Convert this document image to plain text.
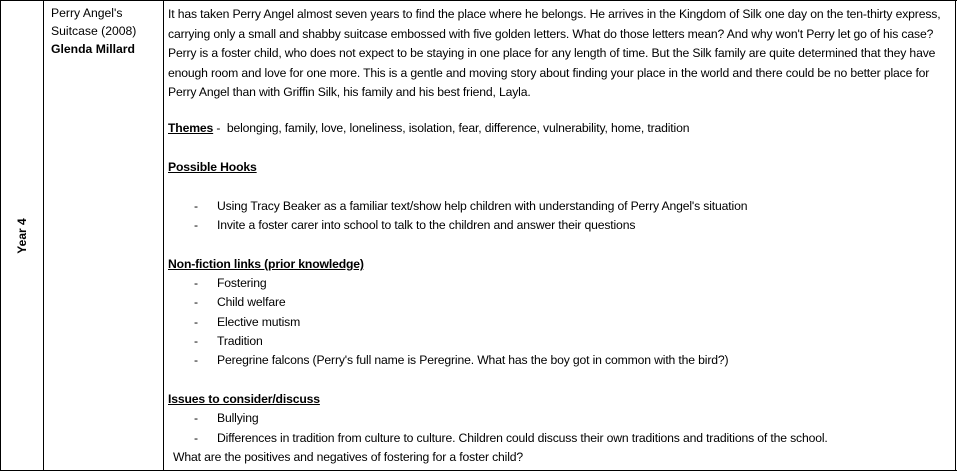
Year 4
Perry Angel's Suitcase (2008)
Glenda Millard

It has taken Perry Angel almost seven years to find the place where he belongs. He arrives in the Kingdom of Silk one day on the ten-thirty express, carrying only a small and shabby suitcase embossed with five golden letters. What do those letters mean? And why won't Perry let go of his case? Perry is a foster child, who does not expect to be staying in one place for any length of time. But the Silk family are quite determined that they have enough room and love for one more. This is a gentle and moving story about finding your place in the world and there could be no better place for Perry Angel than with Griffin Silk, his family and his best friend, Layla.

Themes - belonging, family, love, loneliness, isolation, fear, difference, vulnerability, home, tradition
Possible Hooks
- Using Tracy Beaker as a familiar text/show help children with understanding of Perry Angel's situation
- Invite a foster carer into school to talk to the children and answer their questions
Non-fiction links (prior knowledge)
- Fostering
- Child welfare
- Elective mutism
- Tradition
- Peregrine falcons (Perry's full name is Peregrine. What has the boy got in common with the bird?)
Issues to consider/discuss
- Bullying
- Differences in tradition from culture to culture. Children could discuss their own traditions and traditions of the school.
What are the positives and negatives of fostering for a foster child?
